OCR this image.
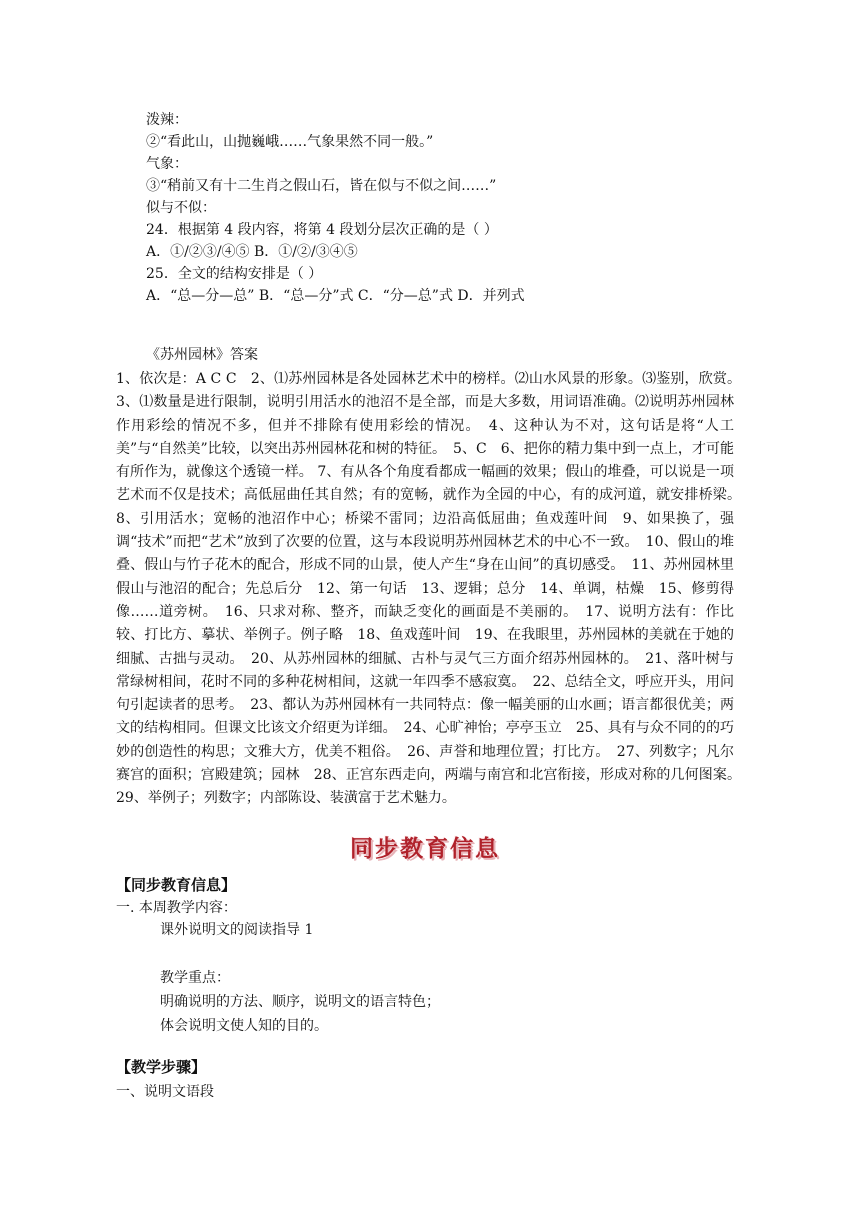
泼辣：
②“看此山，山抛巍峨……气象果然不同一般。”
气象：
③“稍前又有十二生肖之假山石，皆在似与不似之间……”
似与不似：
24．根据第 4 段内容，将第 4 段划分层次正确的是（ ）
A．①/②③/④⑤ B．①/②/③④⑤
25．全文的结构安排是（ ）
A．“总—分—总” B．“总—分”式 C．“分—总”式 D．并列式
《苏州园林》答案
1、依次是：A C C　2、⑴苏州园林是各处园林艺术中的榜样。⑵山水风景的形象。⑶鉴别，欣赏。　3、⑴数量是进行限制，说明引用活水的池沼不是全部，而是大多数，用词语准确。⑵说明苏州园林作用彩绘的情况不多，但并不排除有使用彩绘的情况。　4、这种认为不对，这句话是将“人工美”与“自然美”比较，以突出苏州园林花和树的特征。　5、C　6、把你的精力集中到一点上，才可能有所作为，就像这个透镜一样。 7、有从各个角度看都成一幅画的效果；假山的堆叠，可以说是一项艺术而不仅是技术；高低屈曲任其自然；有的宽畅，就作为全园的中心，有的成河道，就安排桥梁。　8、引用活水；宽畅的池沼作中心；桥梁不雷同；边沿高低屈曲；鱼戏莲叶间　9、如果换了，强调“技术”而把“艺术”放到了次要的位置，这与本段说明苏州园林艺术的中心不一致。　10、假山的堆叠、假山与竹子花木的配合，形成不同的山景，使人产生“身在山间”的真切感受。　11、苏州园林里假山与池沼的配合；先总后分　12、第一句话　13、逻辑；总分　14、单调，枯燥　15、修剪得像……道旁树。　16、只求对称、整齐，而缺乏变化的画面是不美丽的。　17、说明方法有：作比较、打比方、摹状、举例子。例子略　18、鱼戏莲叶间　19、在我眼里，苏州园林的美就在于她的细腻、古拙与灵动。　20、从苏州园林的细腻、古朴与灵气三方面介绍苏州园林的。　21、落叶树与常绿树相间，花时不同的多种花树相间，这就一年四季不感寂寞。　22、总结全文，呼应开头，用问句引起读者的思考。　23、都认为苏州园林有一共同特点：像一幅美丽的山水画；语言都很优美；两文的结构相同。但课文比该文介绍更为详细。　24、心旷神怡；亭亭玉立　25、具有与众不同的的巧妙的创造性的构思；文雅大方，优美不粗俗。　26、声誉和地理位置；打比方。　27、列数字；凡尔赛宫的面积；宫殿建筑；园林　28、正宫东西走向，两端与南宫和北宫衔接，形成对称的几何图案。　29、举例子；列数字；内部陈设、装潢富于艺术魅力。
同步教育信息
【同步教育信息】
一. 本周教学内容：
课外说明文的阅读指导 1
教学重点：
明确说明的方法、顺序，说明文的语言特色；
体会说明文使人知的目的。
【教学步骤】
一、说明文语段
